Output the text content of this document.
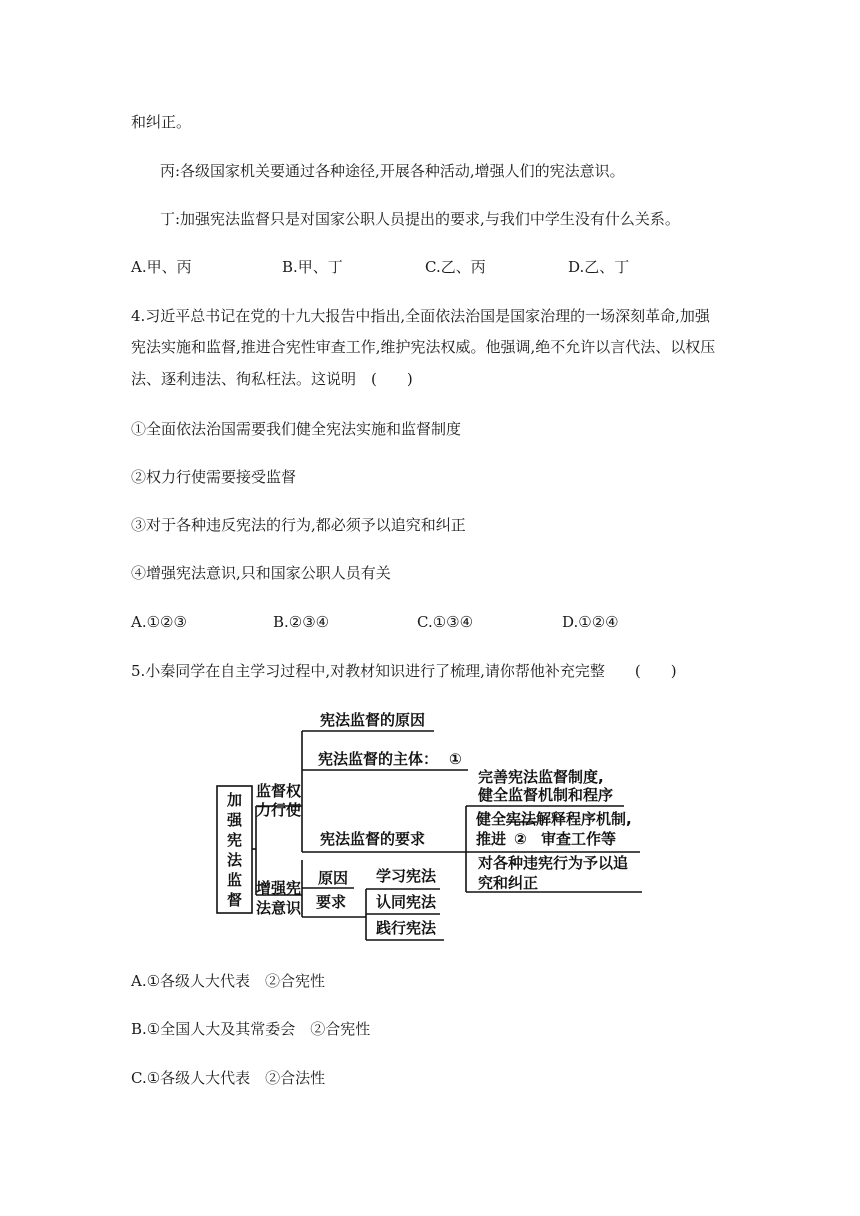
和纠正。
丙:各级国家机关要通过各种途径,开展各种活动,增强人们的宪法意识。
丁:加强宪法监督只是对国家公职人员提出的要求,与我们中学生没有什么关系。
A.甲、丙	B.甲、丁	C.乙、丙	D.乙、丁
4.习近平总书记在党的十九大报告中指出,全面依法治国是国家治理的一场深刻革命,加强
宪法实施和监督,推进合宪性审查工作,维护宪法权威。他强调,绝不允许以言代法、以权压
法、逐利违法、徇私枉法。这说明　(　　)
①全面依法治国需要我们健全宪法实施和监督制度
②权力行使需要接受监督
③对于各种违反宪法的行为,都必须予以追究和纠正
④增强宪法意识,只和国家公职人员有关
A.①②③	B.②③④	C.①③④	D.①②④
5.小秦同学在自主学习过程中,对教材知识进行了梳理,请你帮他补充完整　　(　　)
加
强
宪
法
监
督
监督权
力行使
宪法监督的原因
宪法监督的主体： ①
宪法监督的要求
完善宪法监督制度,
健全监督机制和程序
健全宪法解释程序机制,
推进 ② 审查工作等
对各种违宪行为予以追
究和纠正
增强宪
法意识
原因
要求
学习宪法
认同宪法
践行宪法
A.①各级人大代表　②合宪性
B.①全国人大及其常委会　②合宪性
C.①各级人大代表　②合法性
